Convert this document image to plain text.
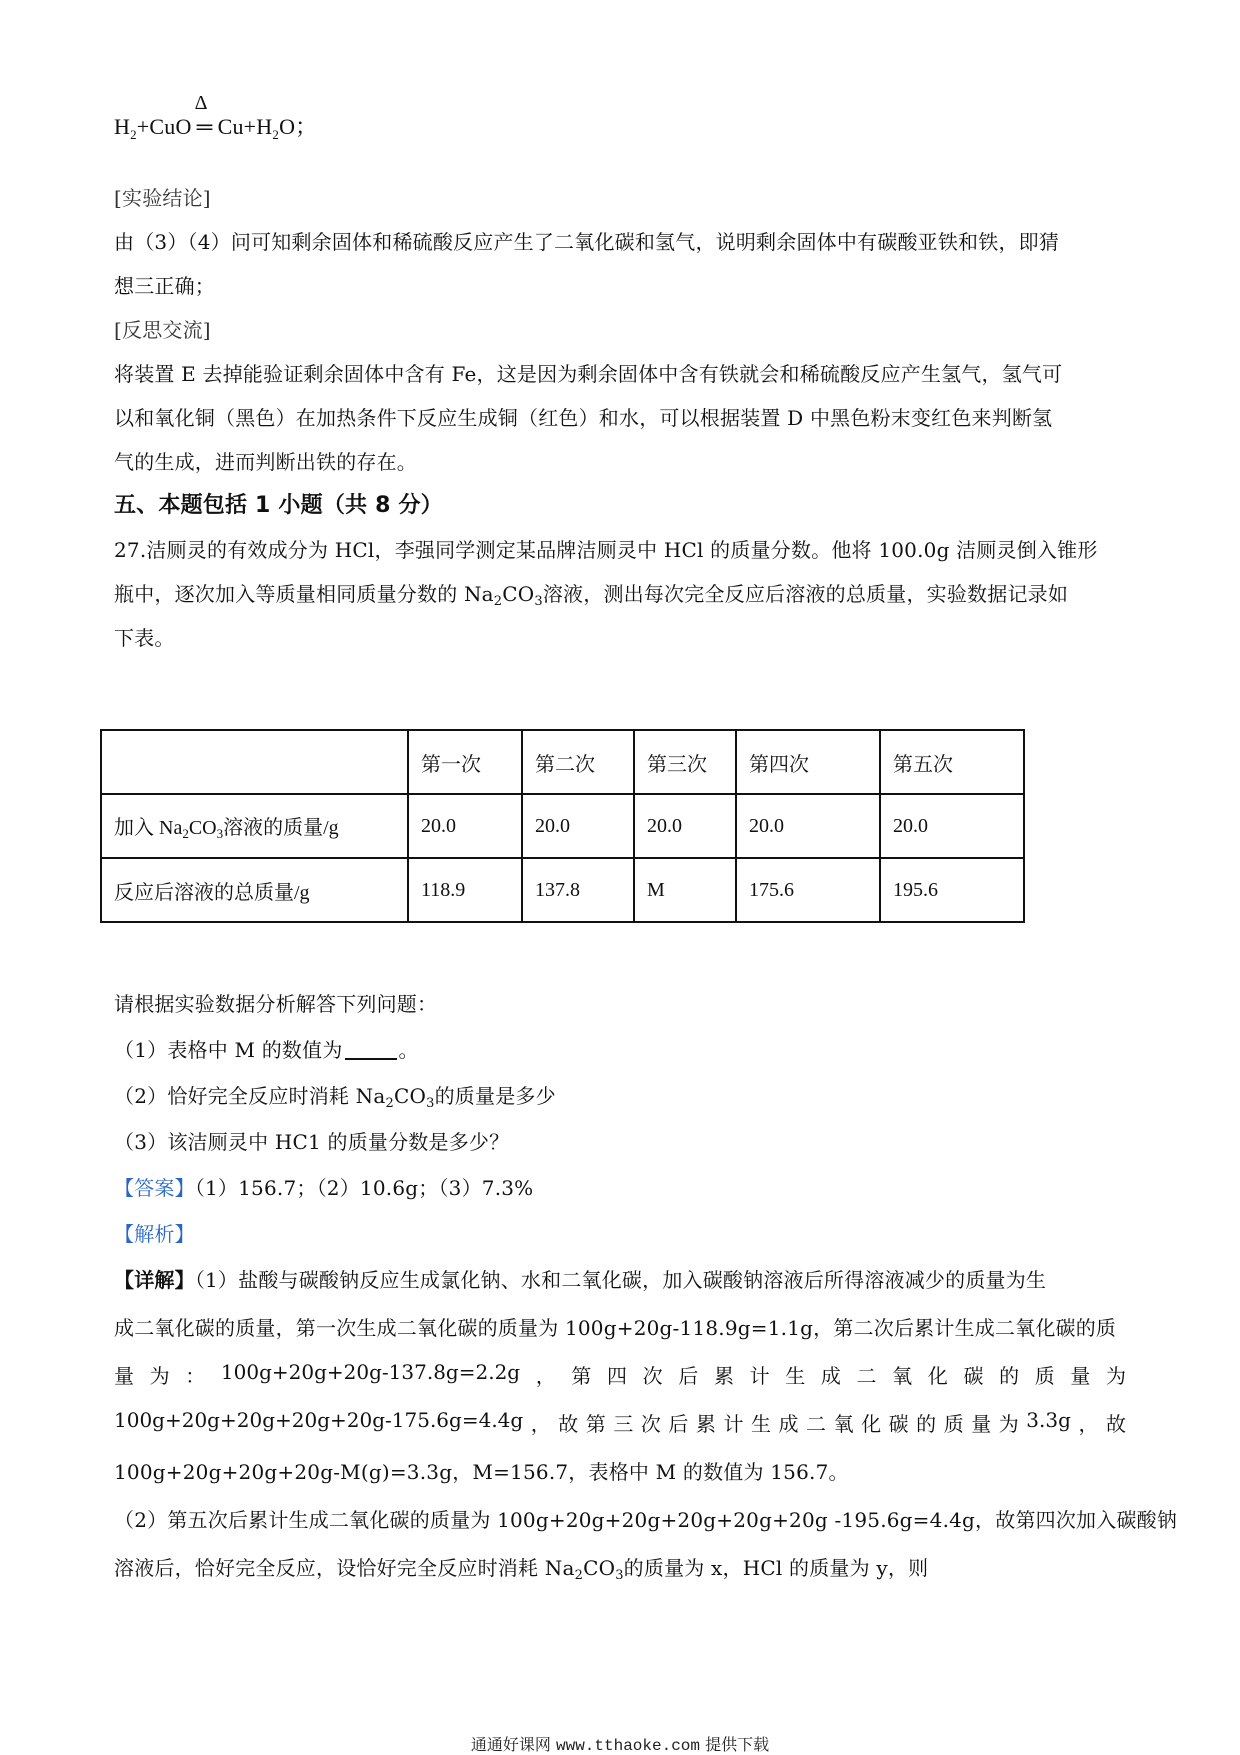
$H_2+CuO$
Δ
═ $Cu+H_2O$；
[实验结论]
由（3）（4）问可知剩余固体和稀硫酸反应产生了二氧化碳和氢气，说明剩余固体中有碳酸亚铁和铁，即猜
想三正确；
[反思交流]
将装置 E 去掉能验证剩余固体中含有 Fe，这是因为剩余固体中含有铁就会和稀硫酸反应产生氢气，氢气可
以和氧化铜（黑色）在加热条件下反应生成铜（红色）和水，可以根据装置 D 中黑色粉末变红色来判断氢
气的生成，进而判断出铁的存在。
五、本题包括 1 小题（共 8 分）
27.洁厕灵的有效成分为 HCl，李强同学测定某品牌洁厕灵中 HCl 的质量分数。他将 100.0g 洁厕灵倒入锥形
瓶中，逐次加入等质量相同质量分数的 $Na_2CO_3$溶液，测出每次完全反应后溶液的总质量，实验数据记录如
下表。
	第一次	第二次	第三次	第四次	第五次
加入 $Na_2CO_3$溶液的质量/g	20.0	20.0	20.0	20.0	20.0
反应后溶液的总质量/g	118.9	137.8	M	175.6	195.6
请根据实验数据分析解答下列问题：
（1）表格中 M 的数值为	。
（2）恰好完全反应时消耗 $Na_2CO_3$的质量是多少
（3）该洁厕灵中 HC1 的质量分数是多少？
【答案】（1）156.7；（2）10.6g；（3）7.3%
【解析】
【详解】（1）盐酸与碳酸钠反应生成氯化钠、水和二氧化碳，加入碳酸钠溶液后所得溶液减少的质量为生
成二氧化碳的质量，第一次生成二氧化碳的质量为 100g+20g-118.9g=1.1g，第二次后累计生成二氧化碳的质
量 为 ： 100g+20g+20g-137.8g=2.2g ， 第 四 次 后 累 计 生 成 二 氧 化 碳 的 质 量 为
100g+20g+20g+20g+20g-175.6g=4.4g ， 故 第 三 次 后 累 计 生 成 二 氧 化 碳 的 质 量 为 3.3g ， 故
100g+20g+20g+20g-M(g)=3.3g，M=156.7，表格中 M 的数值为 156.7。
（2）第五次后累计生成二氧化碳的质量为 100g+20g+20g+20g+20g+20g -195.6g=4.4g，故第四次加入碳酸钠
溶液后，恰好完全反应，设恰好完全反应时消耗 $Na_2CO_3$的质量为 x，HCl 的质量为 y，则
通通好课网 www.tthaoke.com 提供下载
